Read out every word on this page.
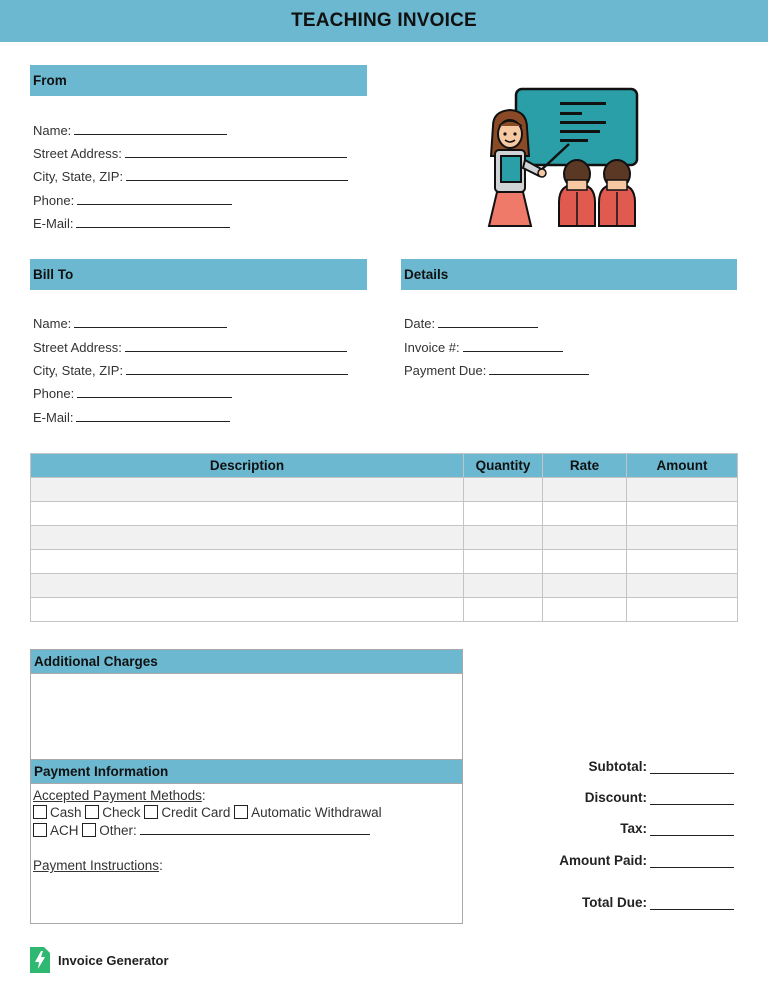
TEACHING INVOICE
From
Name:
Street Address:
City, State, ZIP:
Phone:
E-Mail:
Bill To
Name:
Street Address:
City, State, ZIP:
Phone:
E-Mail:
Details
Date:
Invoice #:
Payment Due:
Description	Quantity	Rate	Amount

Additional Charges
Payment Information
Accepted Payment Methods:
Cash Check Credit Card Automatic Withdrawal
ACH Other:
Payment Instructions:
Subtotal :
Discount :
Tax :
Amount Paid :
Total Due :
Invoice Generator
